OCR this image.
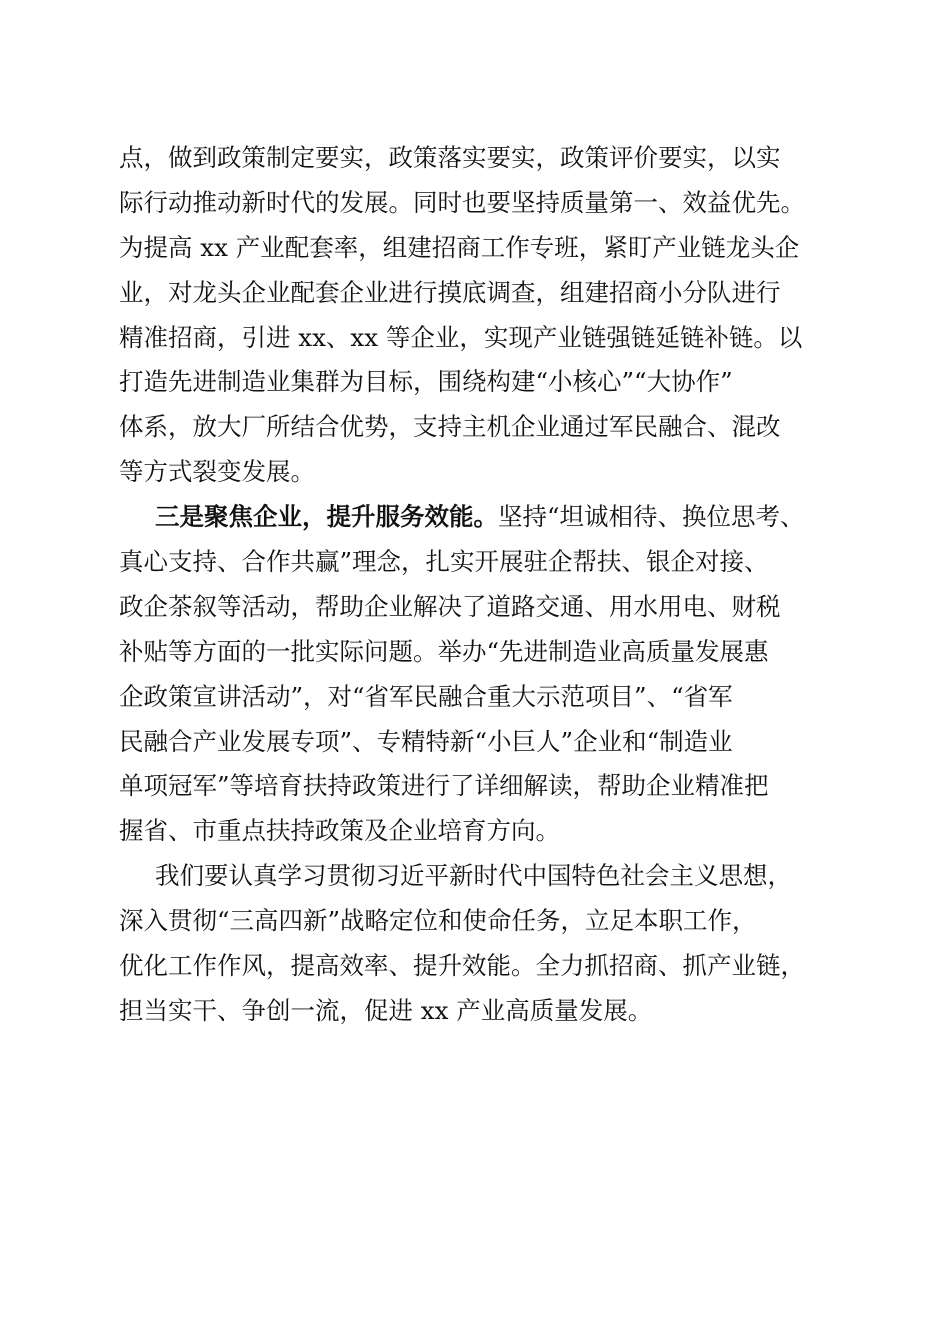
点，做到政策制定要实，政策落实要实，政策评价要实，以实
际行动推动新时代的发展。同时也要坚持质量第一、效益优先。
为提高 xx 产业配套率，组建招商工作专班，紧盯产业链龙头企
业，对龙头企业配套企业进行摸底调查，组建招商小分队进行
精准招商，引进 xx、xx 等企业，实现产业链强链延链补链。以
打造先进制造业集群为目标，围绕构建“小核心”“大协作”
体系，放大厂所结合优势，支持主机企业通过军民融合、混改
等方式裂变发展。
三是聚焦企业，提升服务效能。坚持“坦诚相待、换位思考、
真心支持、合作共赢”理念，扎实开展驻企帮扶、银企对接、
政企茶叙等活动，帮助企业解决了道路交通、用水用电、财税
补贴等方面的一批实际问题。举办“先进制造业高质量发展惠
企政策宣讲活动”，对“省军民融合重大示范项目”、“省军
民融合产业发展专项”、专精特新“小巨人”企业和“制造业
单项冠军”等培育扶持政策进行了详细解读，帮助企业精准把
握省、市重点扶持政策及企业培育方向。
我们要认真学习贯彻习近平新时代中国特色社会主义思想，
深入贯彻“三高四新”战略定位和使命任务，立足本职工作，
优化工作作风，提高效率、提升效能。全力抓招商、抓产业链，
担当实干、争创一流，促进 xx 产业高质量发展。
